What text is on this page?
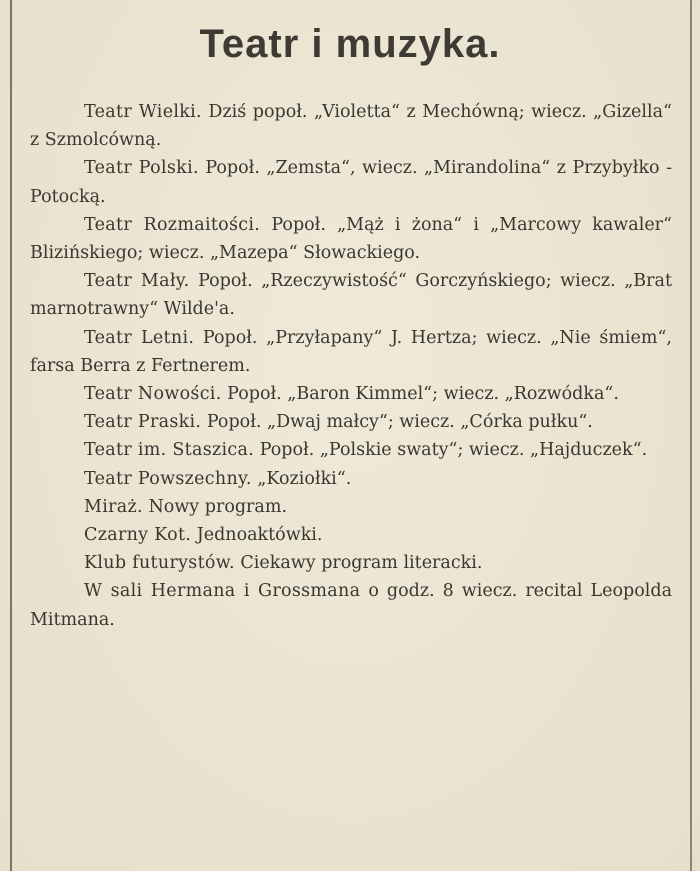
Teatr i muzyka.

Teatr Wielki. Dziś popoł. „Violetta“ z Mechówną; wiecz. „Gizella“ z Szmolcówną.

Teatr Polski. Popoł. „Zemsta“, wiecz. „Mirandolina“ z Przybyłko - Potocką.

Teatr Rozmaitości. Popoł. „Mąż i żona“ i „Marcowy kawaler“ Blizińskiego; wiecz. „Mazepa“ Słowackiego.

Teatr Mały. Popoł. „Rzeczywistość“ Gorczyńskiego; wiecz. „Brat marnotrawny“ Wilde'a.

Teatr Letni. Popoł. „Przyłapany“ J. Hertza; wiecz. „Nie śmiem“, farsa Berra z Fertnerem.

Teatr Nowości. Popoł. „Baron Kimmel“; wiecz. „Rozwódka“.

Teatr Praski. Popoł. „Dwaj małcy“; wiecz. „Córka pułku“.

Teatr im. Staszica. Popoł. „Polskie swaty“; wiecz. „Hajduczek“.

Teatr Powszechny. „Koziołki“.

Miraż. Nowy program.

Czarny Kot. Jednoaktówki.

Klub futurystów. Ciekawy program literacki.

W sali Hermana i Grossmana o godz. 8 wiecz. recital Leopolda Mitmana.
